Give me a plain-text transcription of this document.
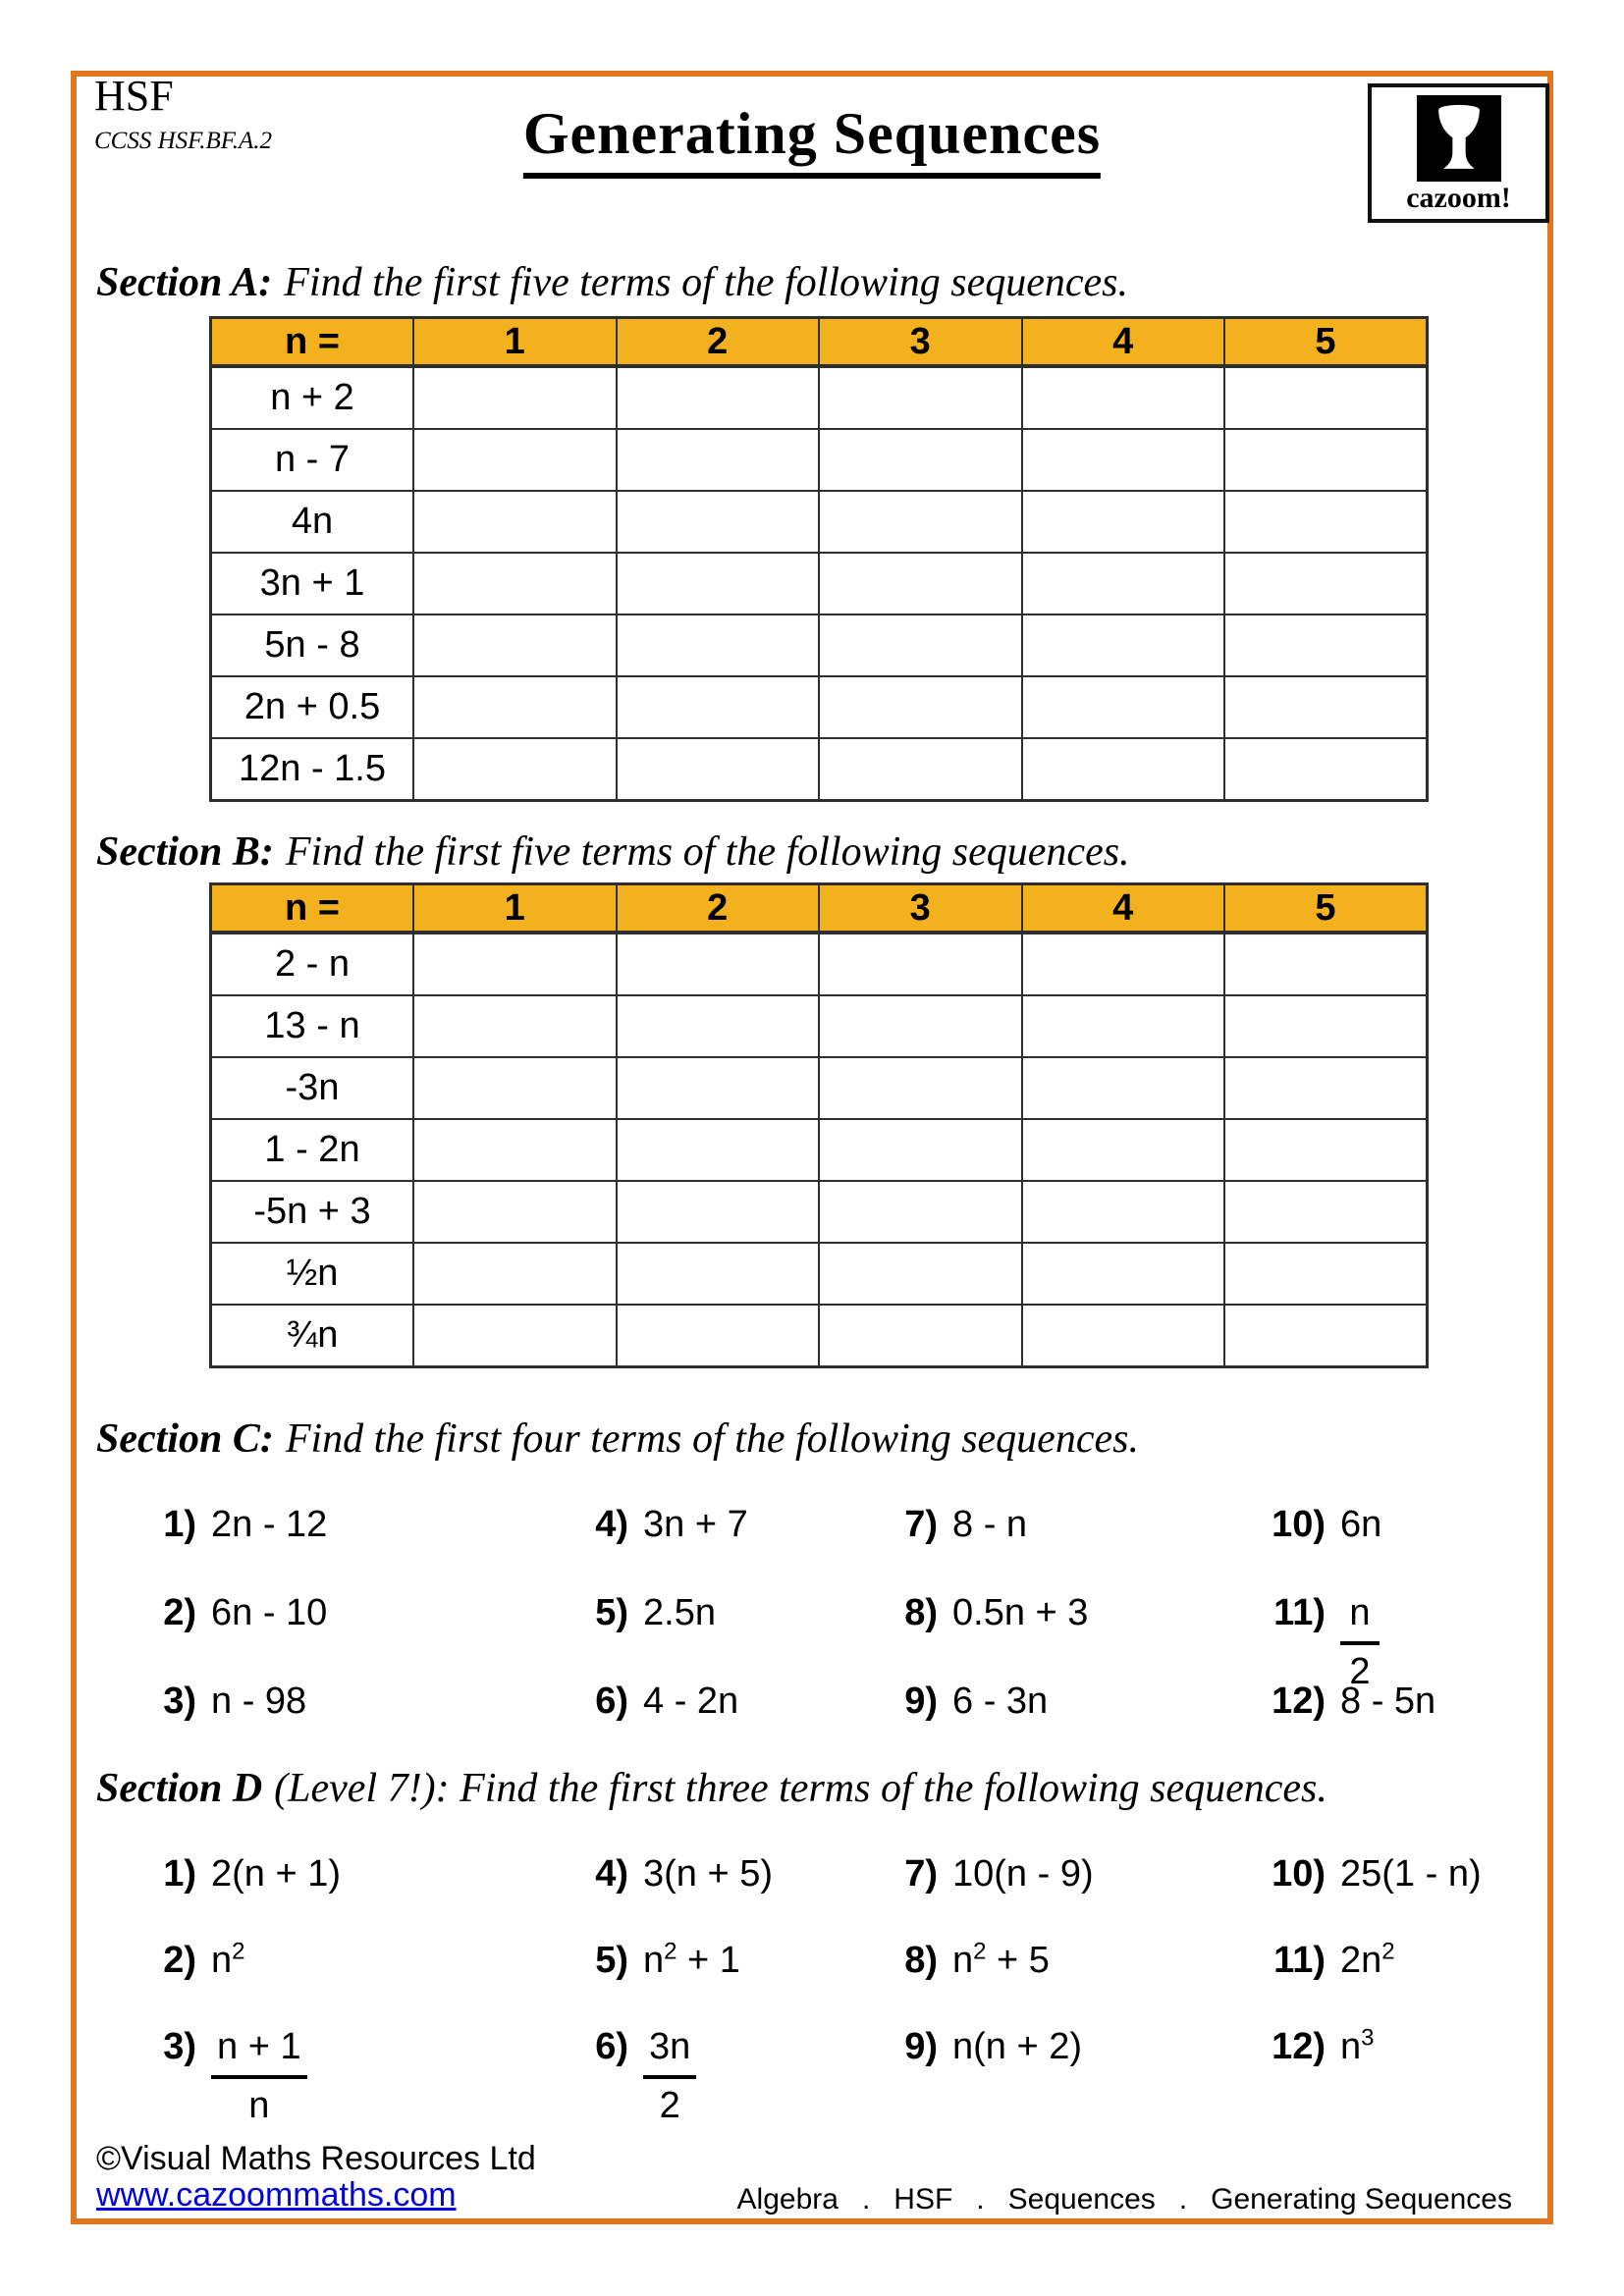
HSF
CCSS HSF.BF.A.2	Generating Sequences
cazoom!
Section A: Find the first five terms of the following sequences.
n =	1	2	3	4	5
n + 2					
n - 7					
4n					
3n + 1					
5n - 8					
2n + 0.5					
12n - 1.5					
Section B: Find the first five terms of the following sequences.
n =	1	2	3	4	5
2 - n					
13 - n					
-3n					
1 - 2n					
-5n + 3					
½n					
¾n					
Section C: Find the first four terms of the following sequences.
1) 2n - 12
2) 6n - 10
3) n - 98
4) 3n + 7
5) 2.5n
6) 4 - 2n
7) 8 - n
8) 0.5n + 3
9) 6 - 3n
10) 6n
$11) \frac{n}{2}$
12) 8 - 5n
Section D (Level 7!): Find the first three terms of the following sequences.
1) 2(n + 1)
2) $n^2$
$3) \frac{n + 1}{n}$
4) 3(n + 5)
5) $n^2 + 1$
$6) \frac{3n}{2}$
7) 10(n - 9)
8) $n^2 + 5$
9) n(n + 2)
10) 25(1 - n)
11) $2n^2$
12) $n^3$
©Visual Maths Resources Ltd
www.cazoommaths.com	Algebra . HSF . Sequences . Generating Sequences
